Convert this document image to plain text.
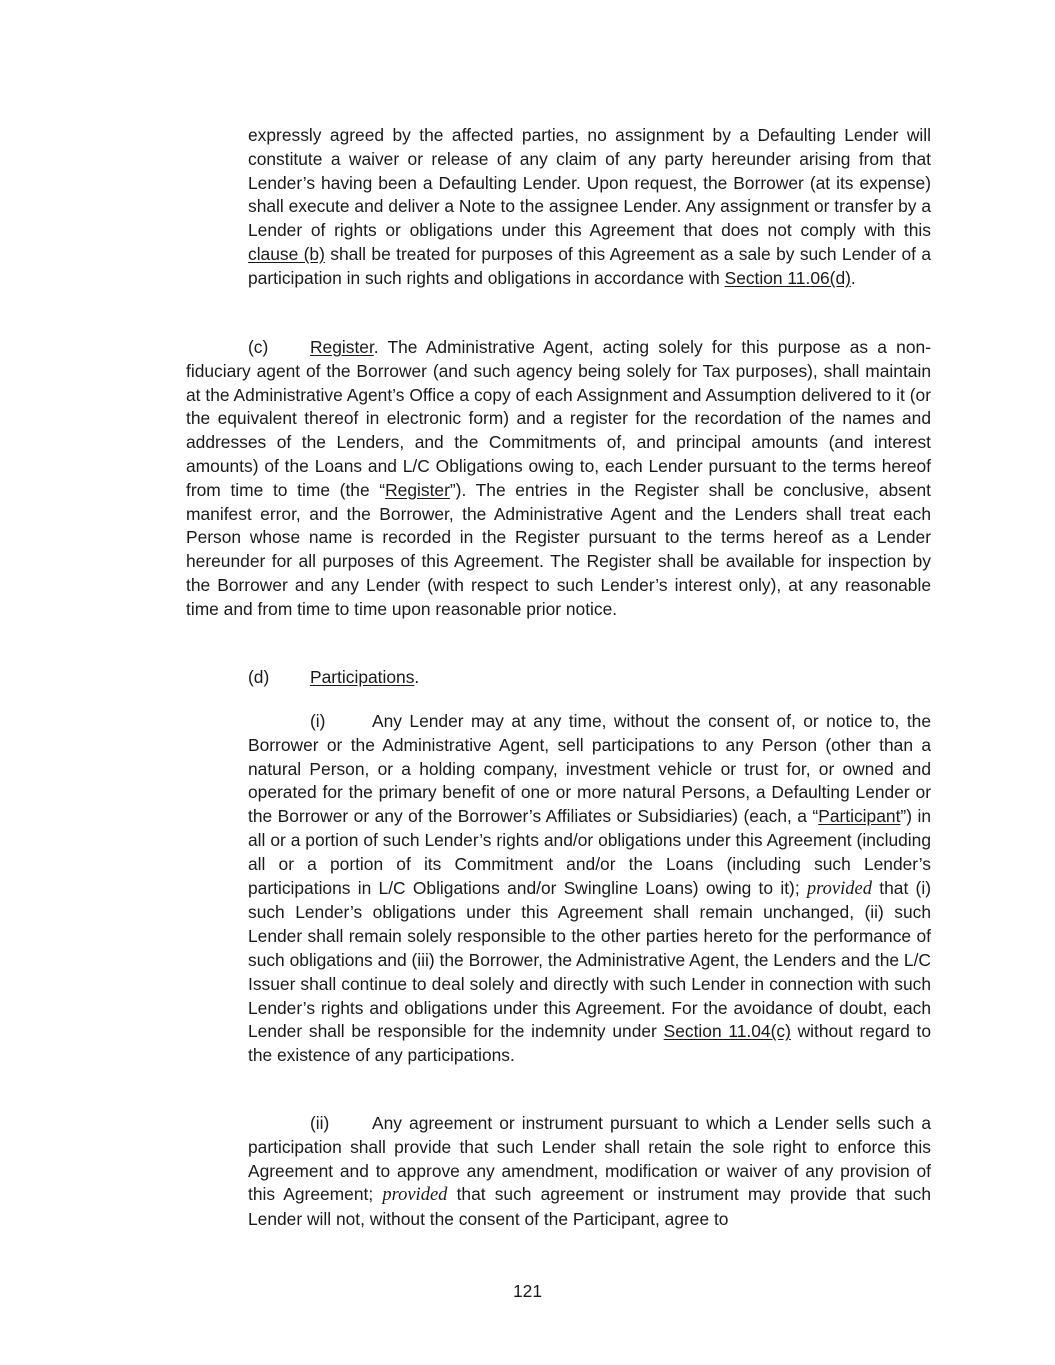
expressly agreed by the affected parties, no assignment by a Defaulting Lender will constitute a waiver or release of any claim of any party hereunder arising from that Lender’s having been a Defaulting Lender. Upon request, the Borrower (at its expense) shall execute and deliver a Note to the assignee Lender. Any assignment or transfer by a Lender of rights or obligations under this Agreement that does not comply with this clause (b) shall be treated for purposes of this Agreement as a sale by such Lender of a participation in such rights and obligations in accordance with Section 11.06(d).

(c) Register. The Administrative Agent, acting solely for this purpose as a non-fiduciary agent of the Borrower (and such agency being solely for Tax purposes), shall maintain at the Administrative Agent’s Office a copy of each Assignment and Assumption delivered to it (or the equivalent thereof in electronic form) and a register for the recordation of the names and addresses of the Lenders, and the Commitments of, and principal amounts (and interest amounts) of the Loans and L/C Obligations owing to, each Lender pursuant to the terms hereof from time to time (the “Register”). The entries in the Register shall be conclusive, absent manifest error, and the Borrower, the Administrative Agent and the Lenders shall treat each Person whose name is recorded in the Register pursuant to the terms hereof as a Lender hereunder for all purposes of this Agreement. The Register shall be available for inspection by the Borrower and any Lender (with respect to such Lender’s interest only), at any reasonable time and from time to time upon reasonable prior notice.

(d) Participations.

(i)	Any Lender may at any time, without the consent of, or notice to, the Borrower or the Administrative Agent, sell participations to any Person (other than a natural Person, or a holding company, investment vehicle or trust for, or owned and operated for the primary benefit of one or more natural Persons, a Defaulting Lender or the Borrower or any of the Borrower’s Affiliates or Subsidiaries) (each, a “Participant”) in all or a portion of such Lender’s rights and/or obligations under this Agreement (including all or a portion of its Commitment and/or the Loans (including such Lender’s participations in L/C Obligations and/or Swingline Loans) owing to it); provided that (i) such Lender’s obligations under this Agreement shall remain unchanged, (ii) such Lender shall remain solely responsible to the other parties hereto for the performance of such obligations and (iii) the Borrower, the Administrative Agent, the Lenders and the L/C Issuer shall continue to deal solely and directly with such Lender in connection with such Lender’s rights and obligations under this Agreement. For the avoidance of doubt, each Lender shall be responsible for the indemnity under Section 11.04(c) without regard to the existence of any participations.

(ii) Any agreement or instrument pursuant to which a Lender sells such a participation shall provide that such Lender shall retain the sole right to enforce this Agreement and to approve any amendment, modification or waiver of any provision of this Agreement; provided that such agreement or instrument may provide that such Lender will not, without the consent of the Participant, agree to

121
